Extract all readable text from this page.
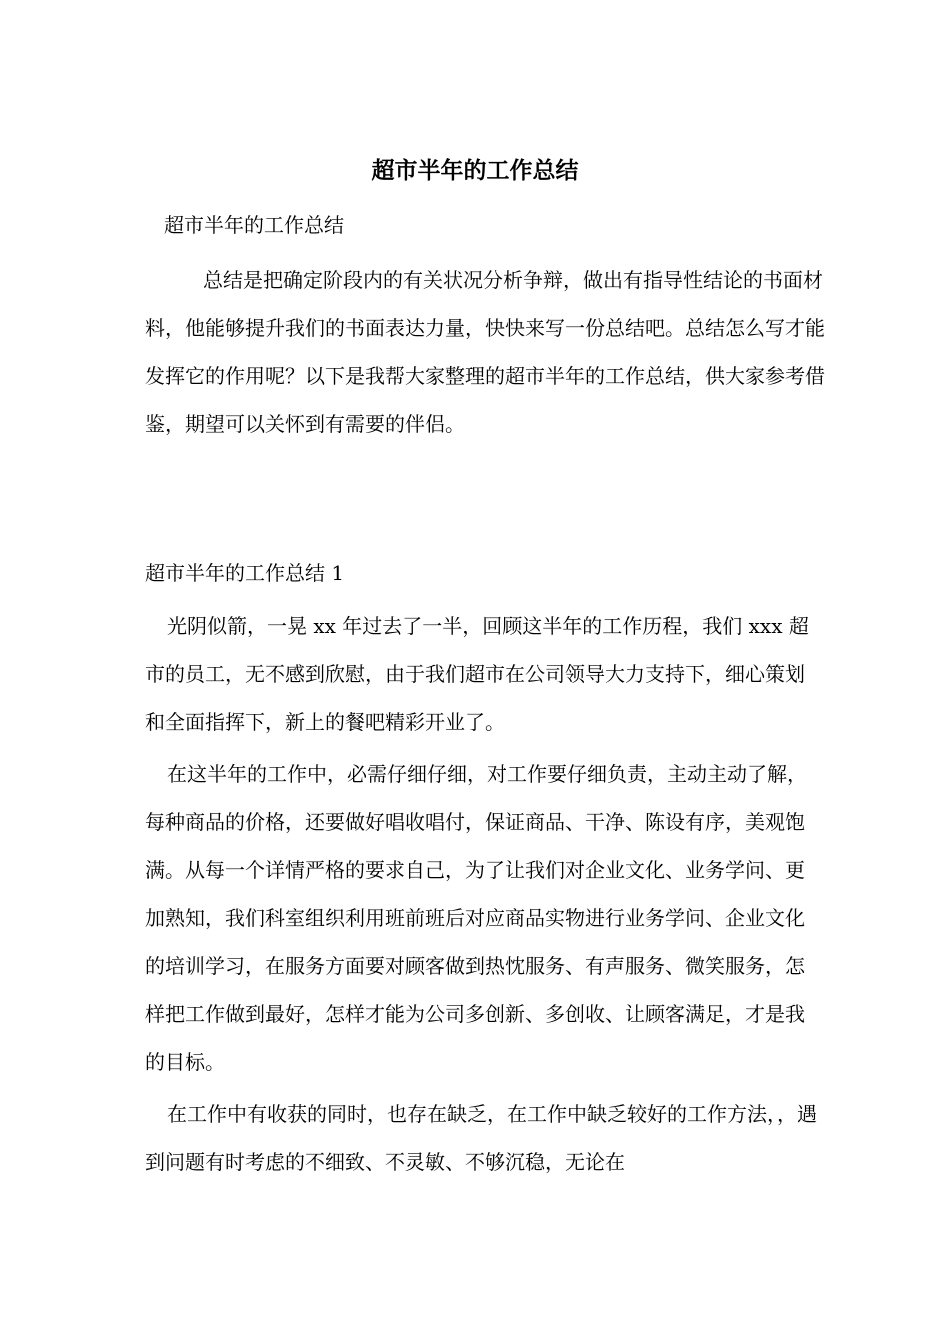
超市半年的工作总结
超市半年的工作总结
总结是把确定阶段内的有关状况分析争辩，做出有指导性结论的书面材料，他能够提升我们的书面表达力量，快快来写一份总结吧。总结怎么写才能发挥它的作用呢？以下是我帮大家整理的超市半年的工作总结，供大家参考借鉴，期望可以关怀到有需要的伴侣。
超市半年的工作总结 1

光阴似箭，一晃 xx 年过去了一半，回顾这半年的工作历程，我们 xxx 超市的员工，无不感到欣慰，由于我们超市在公司领导大力支持下，细心策划和全面指挥下，新上的餐吧精彩开业了。

在这半年的工作中，必需仔细仔细，对工作要仔细负责，主动主动了解，每种商品的价格，还要做好唱收唱付，保证商品、干净、陈设有序，美观饱满。从每一个详情严格的要求自己，为了让我们对企业文化、业务学问、更加熟知，我们科室组织利用班前班后对应商品实物进行业务学问、企业文化的培训学习，在服务方面要对顾客做到热忱服务、有声服务、微笑服务，怎样把工作做到最好，怎样才能为公司多创新、多创收、让顾客满足，才是我的目标。

在工作中有收获的同时，也存在缺乏，在工作中缺乏较好的工作方法，，遇到问题有时考虑的不细致、不灵敏、不够沉稳，无论在
